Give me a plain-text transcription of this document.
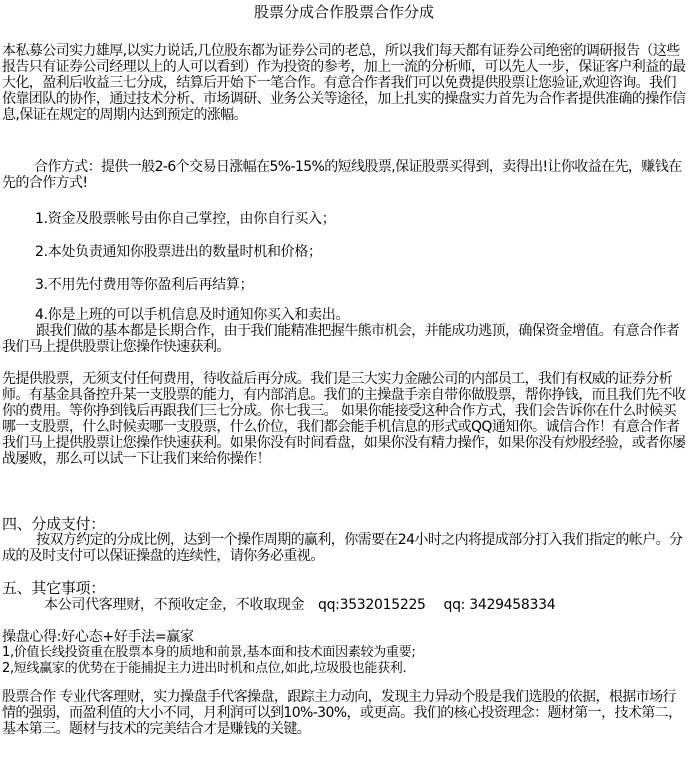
股票分成合作股票合作分成
本私募公司实力雄厚,以实力说话,几位股东都为证券公司的老总，所以我们每天都有证券公司绝密的调研报告（这些报告只有证券公司经理以上的人可以看到）作为投资的参考，加上一流的分析师，可以先人一步，保证客户利益的最大化，盈利后收益三七分成，结算后开始下一笔合作。有意合作者我们可以免费提供股票让您验证,欢迎咨询。我们依靠团队的协作，通过技术分析、市场调研、业务公关等途径，加上扎实的操盘实力首先为合作者提供准确的操作信息,保证在规定的周期内达到预定的涨幅。
合作方式：提供一般2-6个交易日涨幅在5%-15%的短线股票,保证股票买得到，卖得出!让你收益在先，赚钱在先的合作方式!
1.资金及股票帐号由你自己掌控，由你自行买入；
2.本处负责通知你股票进出的数量时机和价格；
3.不用先付费用等你盈利后再结算；
4.你是上班的可以手机信息及时通知你买入和卖出。
跟我们做的基本都是长期合作，由于我们能精准把握牛熊市机会，并能成功逃顶，确保资金增值。有意合作者我们马上提供股票让您操作快速获利。
先提供股票，无须支付任何费用，待收益后再分成。我们是三大实力金融公司的内部员工，我们有权威的证券分析师。有基金具备控升某一支股票的能力，有内部消息。我们的主操盘手亲自带你做股票，帮你挣钱，而且我们先不收你的费用。等你挣到钱后再跟我们三七分成。你七我三。 如果你能接受这种合作方式，我们会告诉你在什么时候买哪一支股票，什么时候卖哪一支股票，什么价位，我们都会能手机信息的形式或QQ通知你。诚信合作！有意合作者我们马上提供股票让您操作快速获利。如果你没有时间看盘，如果你没有精力操作，如果你没有炒股经验，或者你屡战屡败，那么可以试一下让我们来给你操作！
四、分成支付：
按双方约定的分成比例，达到一个操作周期的赢利，你需要在24小时之内将提成部分打入我们指定的帐户。分成的及时支付可以保证操盘的连续性，请你务必重视。
五、其它事项：
本公司代客理财，不预收定金，不收取现金　qq:3532015225　 qq: 3429458334
操盘心得:好心态+好手法=赢家
1,价值长线投资重在股票本身的质地和前景,基本面和技术面因素较为重要;
2,短线赢家的优势在于能捕捉主力进出时机和点位,如此,垃圾股也能获利.
股票合作 专业代客理财，实力操盘手代客操盘，跟踪主力动向，发现主力异动个股是我们选股的依据，根据市场行情的强弱，而盈利值的大小不同，月利润可以到10%-30%，或更高。我们的核心投资理念：题材第一，技术第二，基本第三。题材与技术的完美结合才是赚钱的关键。
